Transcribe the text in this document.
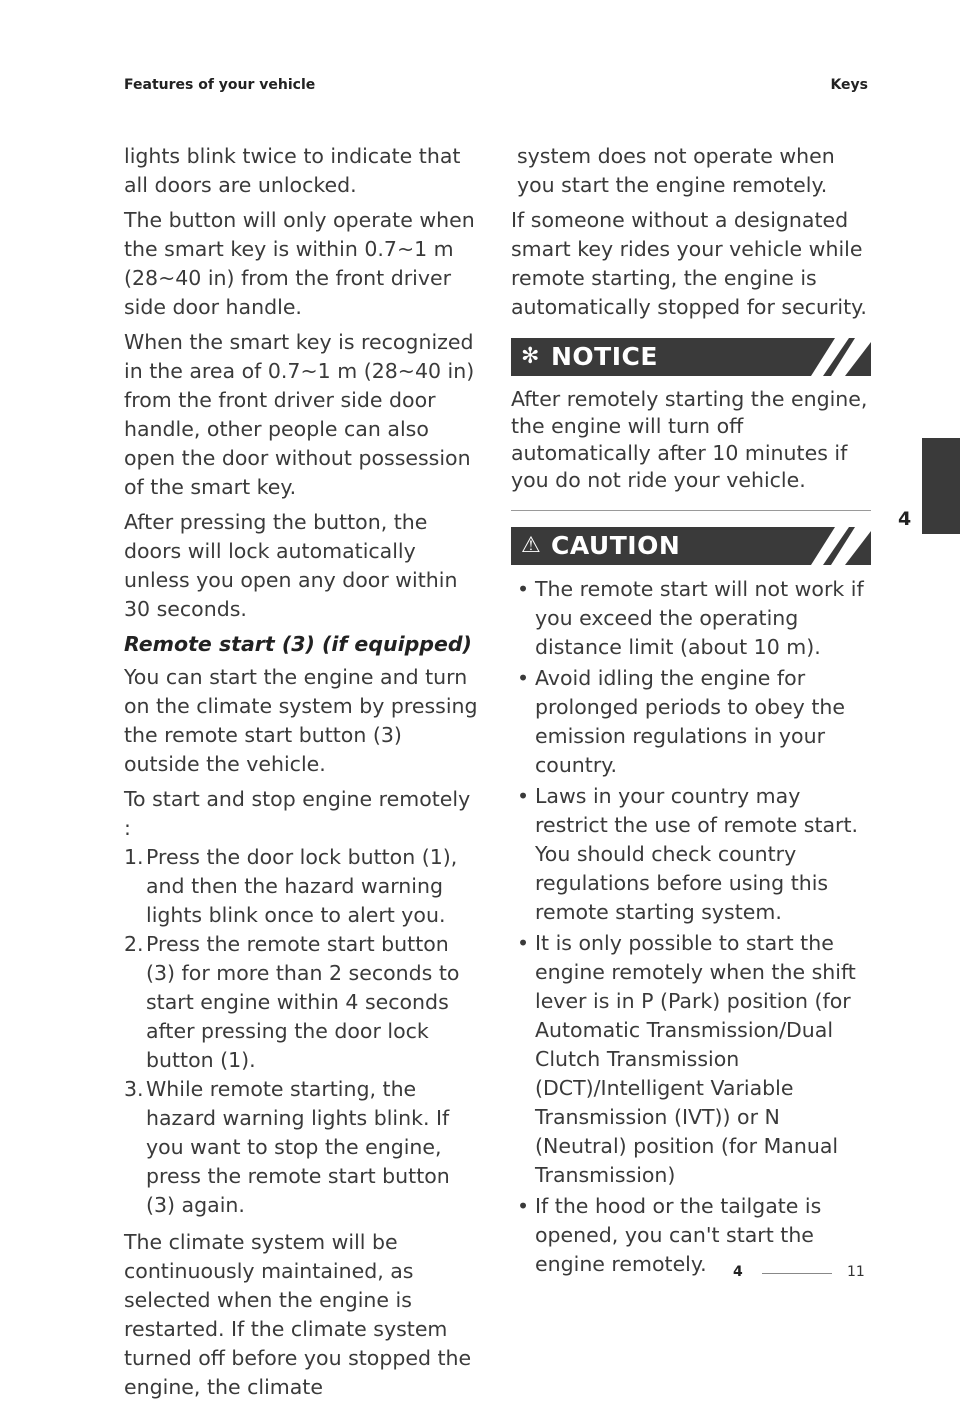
Features of your vehicle	Keys

lights blink twice to indicate that all doors are unlocked.

The button will only operate when the smart key is within 0.7~1 m (28~40 in) from the front driver side door handle.

When the smart key is recognized in the area of 0.7~1 m (28~40 in) from the front driver side door handle, other people can also open the door without possession of the smart key.

After pressing the button, the doors will lock automatically unless you open any door within 30 seconds.

Remote start (3) (if equipped)

You can start the engine and turn on the climate system by pressing the remote start button (3) outside the vehicle.

To start and stop engine remotely :

1. Press the door lock button (1), and then the hazard warning lights blink once to alert you.
2. Press the remote start button (3) for more than 2 seconds to start engine within 4 seconds after pressing the door lock button (1).
3. While remote starting, the hazard warning lights blink. If you want to stop the engine, press the remote start button (3) again.

The climate system will be continuously maintained, as selected when the engine is restarted. If the climate system turned off before you stopped the engine, the climate

system does not operate when you start the engine remotely.

If someone without a designated smart key rides your vehicle while remote starting, the engine is automatically stopped for security.

✻ NOTICE
After remotely starting the engine, the engine will turn off automatically after 10 minutes if you do not ride your vehicle.
⚠ CAUTION
• The remote start will not work if you exceed the operating distance limit (about 10 m).
• Avoid idling the engine for prolonged periods to obey the emission regulations in your country.
• Laws in your country may restrict the use of remote start. You should check country regulations before using this remote starting system.
• It is only possible to start the engine remotely when the shift lever is in P (Park) position (for Automatic Transmission/Dual Clutch Transmission (DCT)/Intelligent Variable Transmission (IVT)) or N (Neutral) position (for Manual Transmission)
• If the hood or the tailgate is opened, you can't start the engine remotely.
4
4	11
